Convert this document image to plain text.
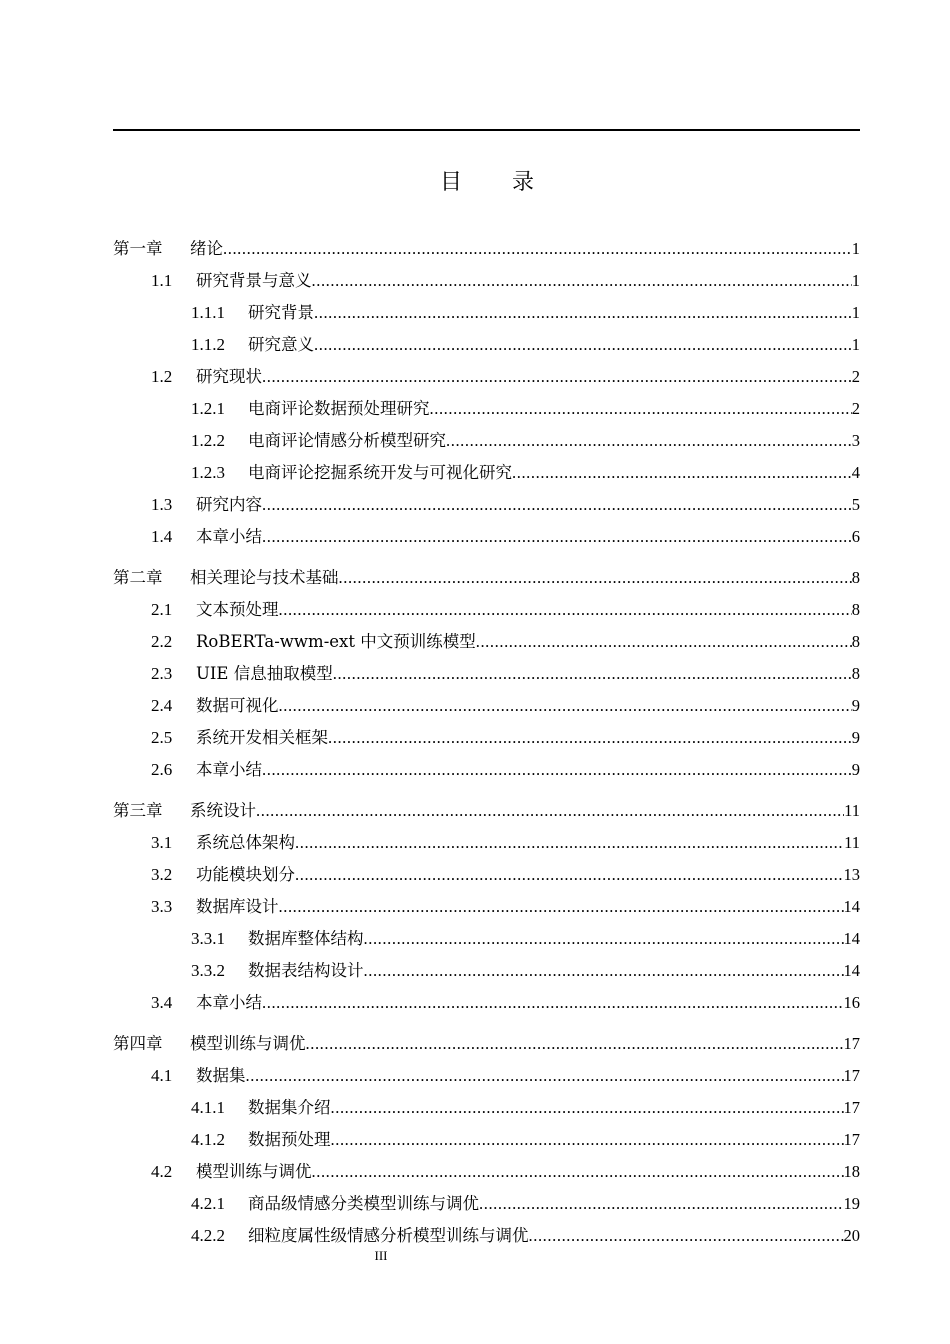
目 录
第一章	绪论 .....	1
1.1	研究背景与意义 .....	1
1.1.1	研究背景 .....	1
1.1.2	研究意义 .....	1
1.2	研究现状 .....	2
1.2.1	电商评论数据预处理研究 .....	2
1.2.2	电商评论情感分析模型研究 .....	3
1.2.3	电商评论挖掘系统开发与可视化研究 .....	4
1.3	研究内容 .....	5
1.4	本章小结 .....	6
第二章	相关理论与技术基础 .....	8
2.1	文本预处理 .....	8
2.2	RoBERTa-wwm-ext 中文预训练模型 .....	8
2.3	UIE 信息抽取模型 .....	8
2.4	数据可视化 .....	9
2.5	系统开发相关框架 .....	9
2.6	本章小结 .....	9
第三章	系统设计 .....	11
3.1	系统总体架构 .....	11
3.2	功能模块划分 .....	13
3.3	数据库设计 .....	14
3.3.1	数据库整体结构 .....	14
3.3.2	数据表结构设计 .....	14
3.4	本章小结 .....	16
第四章	模型训练与调优 .....	17
4.1	数据集 .....	17
4.1.1	数据集介绍 .....	17
4.1.2	数据预处理 .....	17
4.2	模型训练与调优 .....	18
4.2.1	商品级情感分类模型训练与调优 .....	19
4.2.2	细粒度属性级情感分析模型训练与调优 .....	20
III
